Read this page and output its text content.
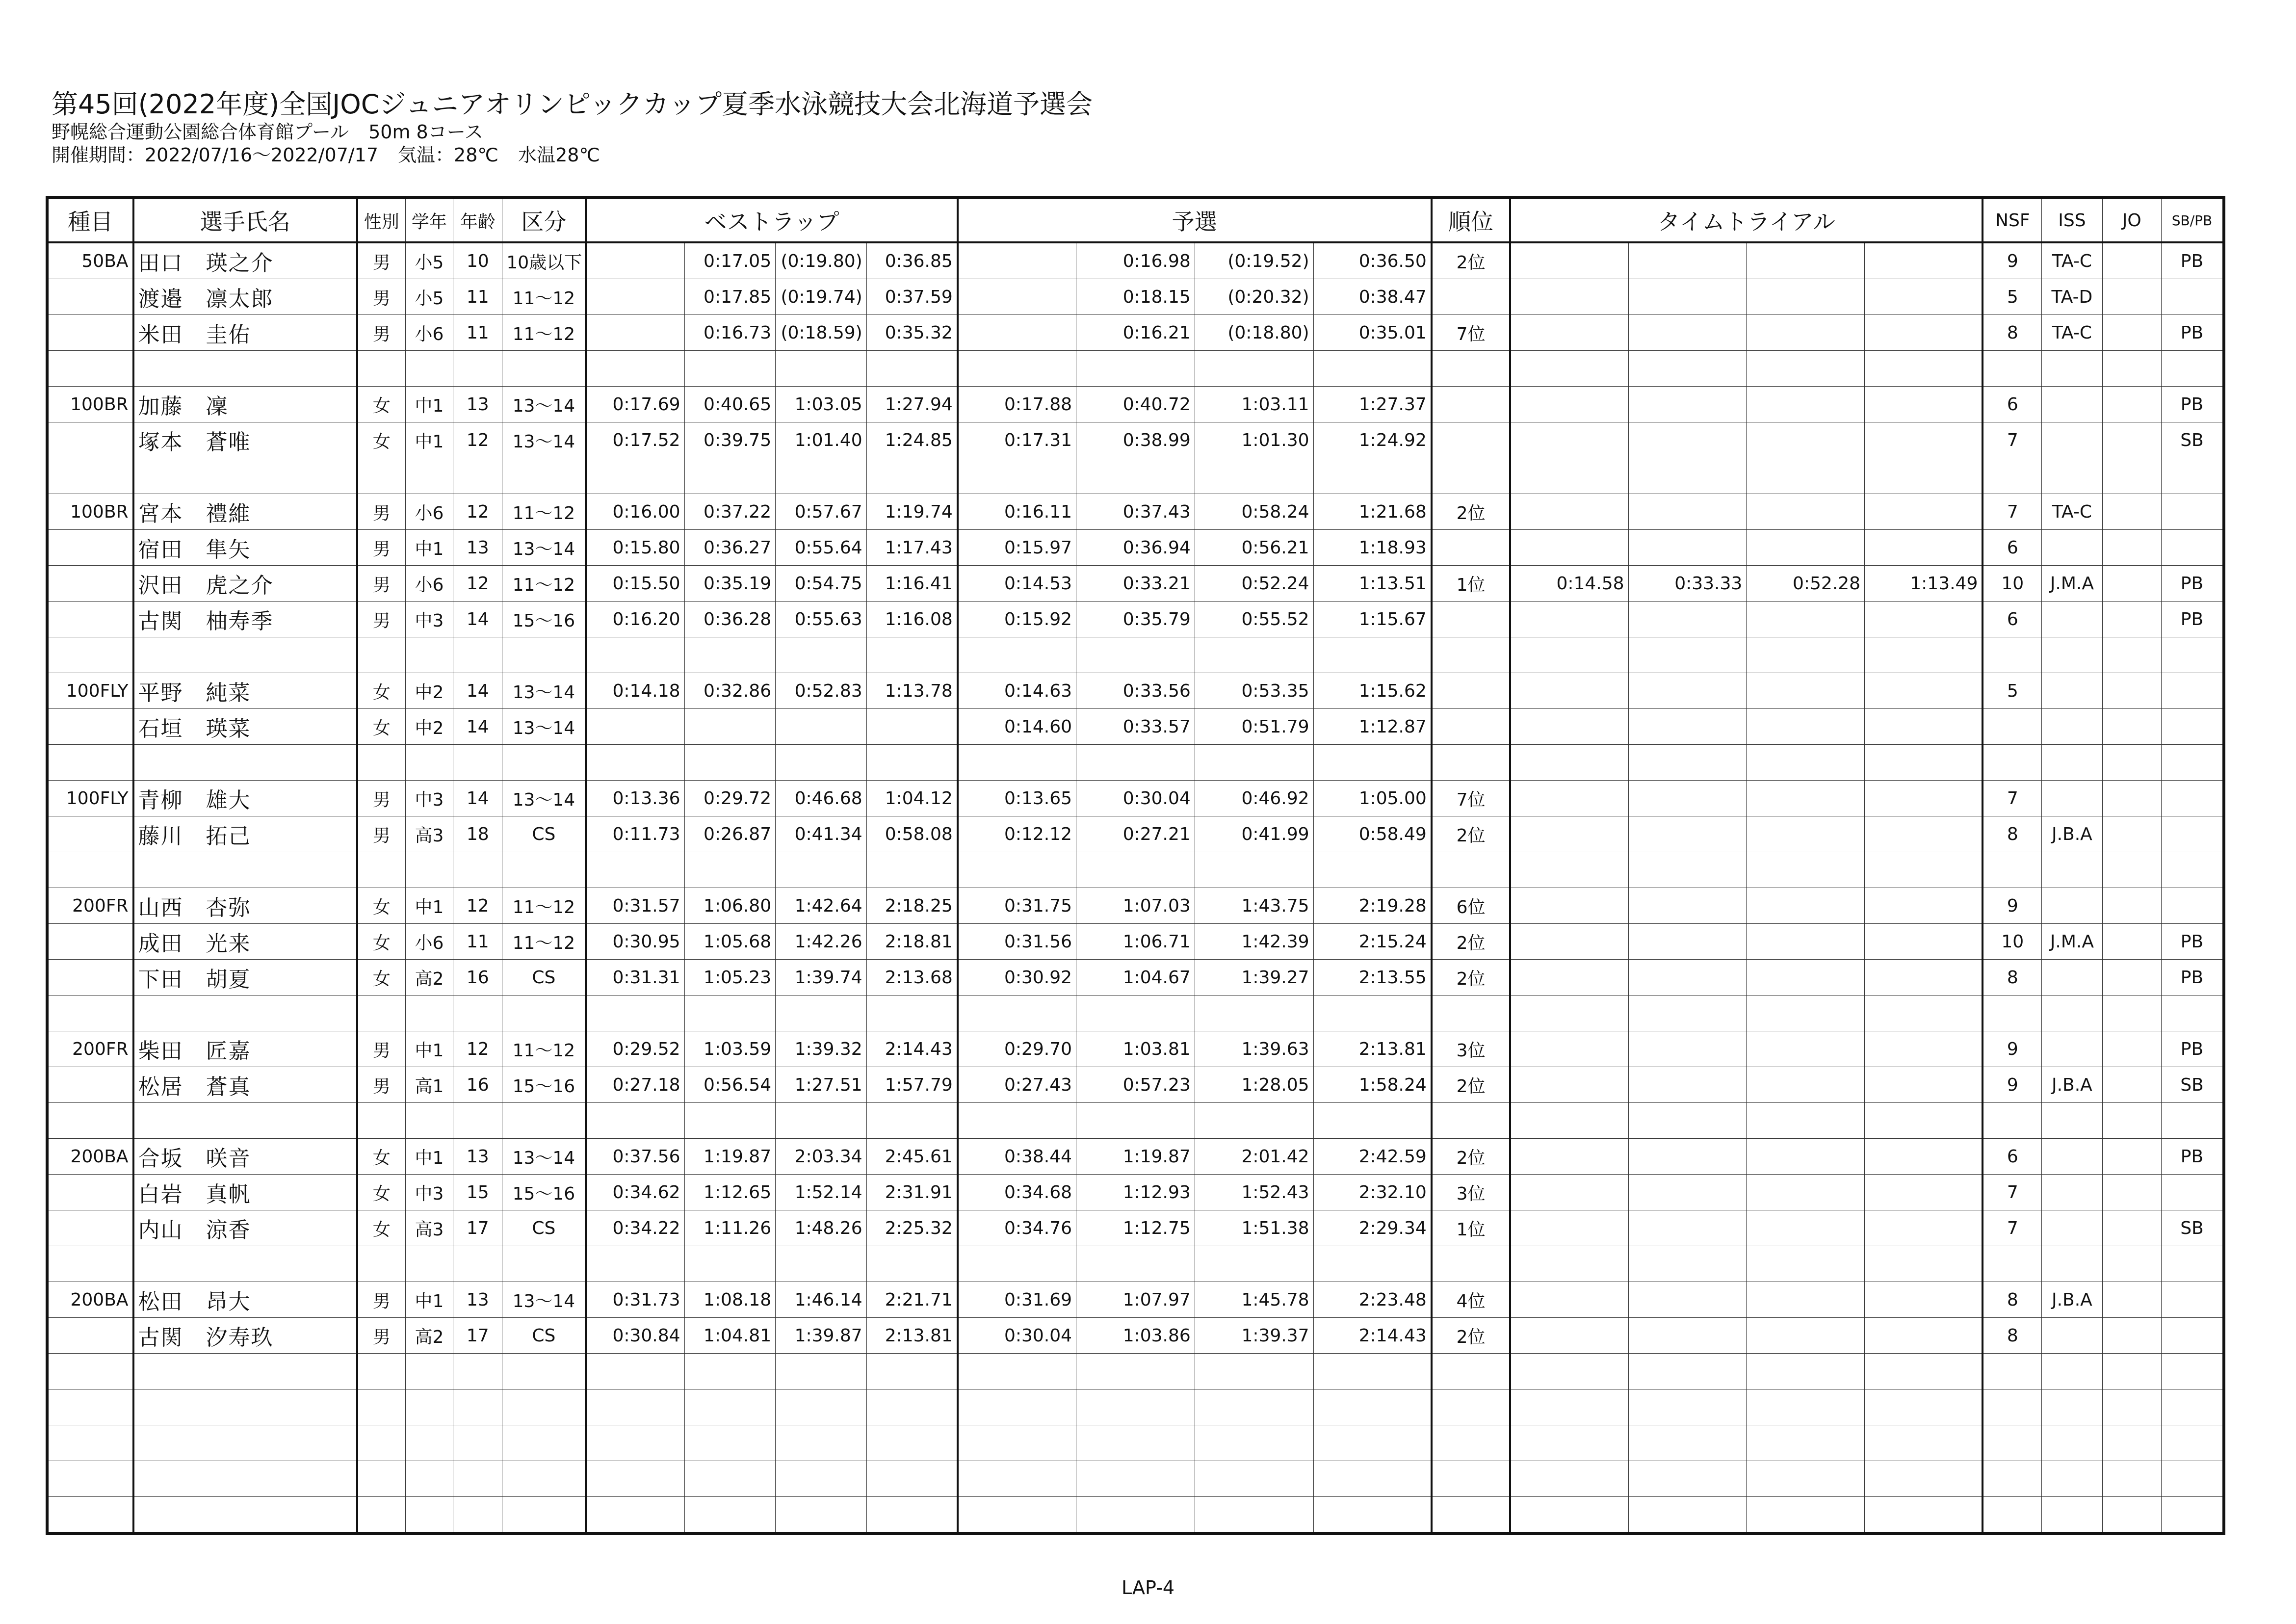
第45回(2022年度)全国JOCジュニアオリンピックカップ夏季水泳競技大会北海道予選会
野幌総合運動公園総合体育館プール 50m 8コース
開催期間：2022/07/16〜2022/07/17 気温：28℃ 水温28℃
種目	選手氏名	性別	学年	年齢	区分	ベストラップ				予選				順位	タイムトライアル				NSF	ISS	JO	SB/PB
50BA	田口　瑛之介	男	小5	10	10歳以下		0:17.05	(0:19.80)	0:36.85		0:16.98	(0:19.52)	0:36.50	2位					9	TA-C		PB
	渡邉　凛太郎	男	小5	11	11〜12		0:17.85	(0:19.74)	0:37.59		0:18.15	(0:20.32)	0:38.47						5	TA-D		
	米田　圭佑	男	小6	11	11〜12		0:16.73	(0:18.59)	0:35.32		0:16.21	(0:18.80)	0:35.01	7位					8	TA-C		PB

100BR	加藤　凜	女	中1	13	13〜14	0:17.69	0:40.65	1:03.05	1:27.94	0:17.88	0:40.72	1:03.11	1:27.37						6			PB
	塚本　蒼唯	女	中1	12	13〜14	0:17.52	0:39.75	1:01.40	1:24.85	0:17.31	0:38.99	1:01.30	1:24.92						7			SB

100BR	宮本　禮維	男	小6	12	11〜12	0:16.00	0:37.22	0:57.67	1:19.74	0:16.11	0:37.43	0:58.24	1:21.68	2位					7	TA-C		
	宿田　隼矢	男	中1	13	13〜14	0:15.80	0:36.27	0:55.64	1:17.43	0:15.97	0:36.94	0:56.21	1:18.93						6			
	沢田　虎之介	男	小6	12	11〜12	0:15.50	0:35.19	0:54.75	1:16.41	0:14.53	0:33.21	0:52.24	1:13.51	1位	0:14.58	0:33.33	0:52.28	1:13.49	10	J.M.A		PB
	古関　柚寿季	男	中3	14	15〜16	0:16.20	0:36.28	0:55.63	1:16.08	0:15.92	0:35.79	0:55.52	1:15.67						6			PB

100FLY	平野　純菜	女	中2	14	13〜14	0:14.18	0:32.86	0:52.83	1:13.78	0:14.63	0:33.56	0:53.35	1:15.62						5			
	石垣　瑛菜	女	中2	14	13〜14					0:14.60	0:33.57	0:51.79	1:12.87									

100FLY	青柳　雄大	男	中3	14	13〜14	0:13.36	0:29.72	0:46.68	1:04.12	0:13.65	0:30.04	0:46.92	1:05.00	7位					7			
	藤川　拓己	男	高3	18	CS	0:11.73	0:26.87	0:41.34	0:58.08	0:12.12	0:27.21	0:41.99	0:58.49	2位					8	J.B.A		

200FR	山西　杏弥	女	中1	12	11〜12	0:31.57	1:06.80	1:42.64	2:18.25	0:31.75	1:07.03	1:43.75	2:19.28	6位					9			
	成田　光来	女	小6	11	11〜12	0:30.95	1:05.68	1:42.26	2:18.81	0:31.56	1:06.71	1:42.39	2:15.24	2位					10	J.M.A		PB
	下田　胡夏	女	高2	16	CS	0:31.31	1:05.23	1:39.74	2:13.68	0:30.92	1:04.67	1:39.27	2:13.55	2位					8			PB

200FR	柴田　匠嘉	男	中1	12	11〜12	0:29.52	1:03.59	1:39.32	2:14.43	0:29.70	1:03.81	1:39.63	2:13.81	3位					9			PB
	松居　蒼真	男	高1	16	15〜16	0:27.18	0:56.54	1:27.51	1:57.79	0:27.43	0:57.23	1:28.05	1:58.24	2位					9	J.B.A		SB

200BA	合坂　咲音	女	中1	13	13〜14	0:37.56	1:19.87	2:03.34	2:45.61	0:38.44	1:19.87	2:01.42	2:42.59	2位					6			PB
	白岩　真帆	女	中3	15	15〜16	0:34.62	1:12.65	1:52.14	2:31.91	0:34.68	1:12.93	1:52.43	2:32.10	3位					7			
	内山　涼香	女	高3	17	CS	0:34.22	1:11.26	1:48.26	2:25.32	0:34.76	1:12.75	1:51.38	2:29.34	1位					7			SB

200BA	松田　昂大	男	中1	13	13〜14	0:31.73	1:08.18	1:46.14	2:21.71	0:31.69	1:07.97	1:45.78	2:23.48	4位					8	J.B.A		
	古関　汐寿玖	男	高2	17	CS	0:30.84	1:04.81	1:39.87	2:13.81	0:30.04	1:03.86	1:39.37	2:14.43	2位					8			

LAP-4
